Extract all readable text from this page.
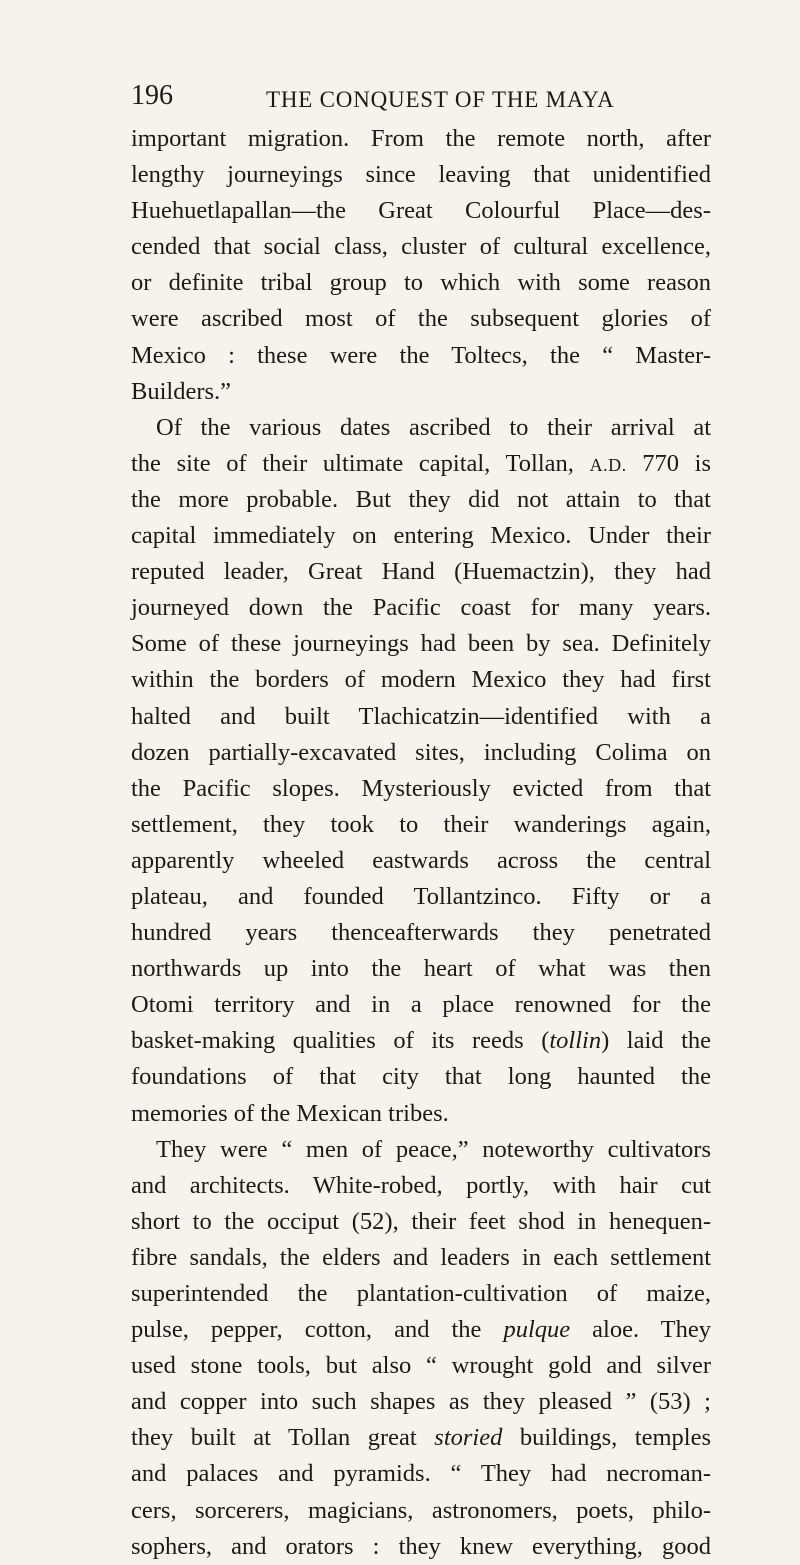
196	THE CONQUEST OF THE MAYA
important migration. From the remote north, after
lengthy journeyings since leaving that unidentified
Huehuetlapallan—the Great Colourful Place—des-
cended that social class, cluster of cultural excellence,
or definite tribal group to which with some reason
were ascribed most of the subsequent glories of
Mexico : these were the Toltecs, the “ Master-
Builders.”
Of the various dates ascribed to their arrival at
the site of their ultimate capital, Tollan, A.D. 770 is
the more probable. But they did not attain to that
capital immediately on entering Mexico. Under their
reputed leader, Great Hand (Huemactzin), they had
journeyed down the Pacific coast for many years.
Some of these journeyings had been by sea. Definitely
within the borders of modern Mexico they had first
halted and built Tlachicatzin—identified with a
dozen partially-excavated sites, including Colima on
the Pacific slopes. Mysteriously evicted from that
settlement, they took to their wanderings again,
apparently wheeled eastwards across the central
plateau, and founded Tollantzinco. Fifty or a
hundred years thenceafterwards they penetrated
northwards up into the heart of what was then
Otomi territory and in a place renowned for the
basket-making qualities of its reeds (tollin) laid the
foundations of that city that long haunted the
memories of the Mexican tribes.
They were “ men of peace,” noteworthy cultivators
and architects. White-robed, portly, with hair cut
short to the occiput (52), their feet shod in henequen-
fibre sandals, the elders and leaders in each settlement
superintended the plantation-cultivation of maize,
pulse, pepper, cotton, and the pulque aloe. They
used stone tools, but also “ wrought gold and silver
and copper into such shapes as they pleased ” (53) ;
they built at Tollan great storied buildings, temples
and palaces and pyramids. “ They had necroman-
cers, sorcerers, magicians, astronomers, poets, philo-
sophers, and orators : they knew everything, good
